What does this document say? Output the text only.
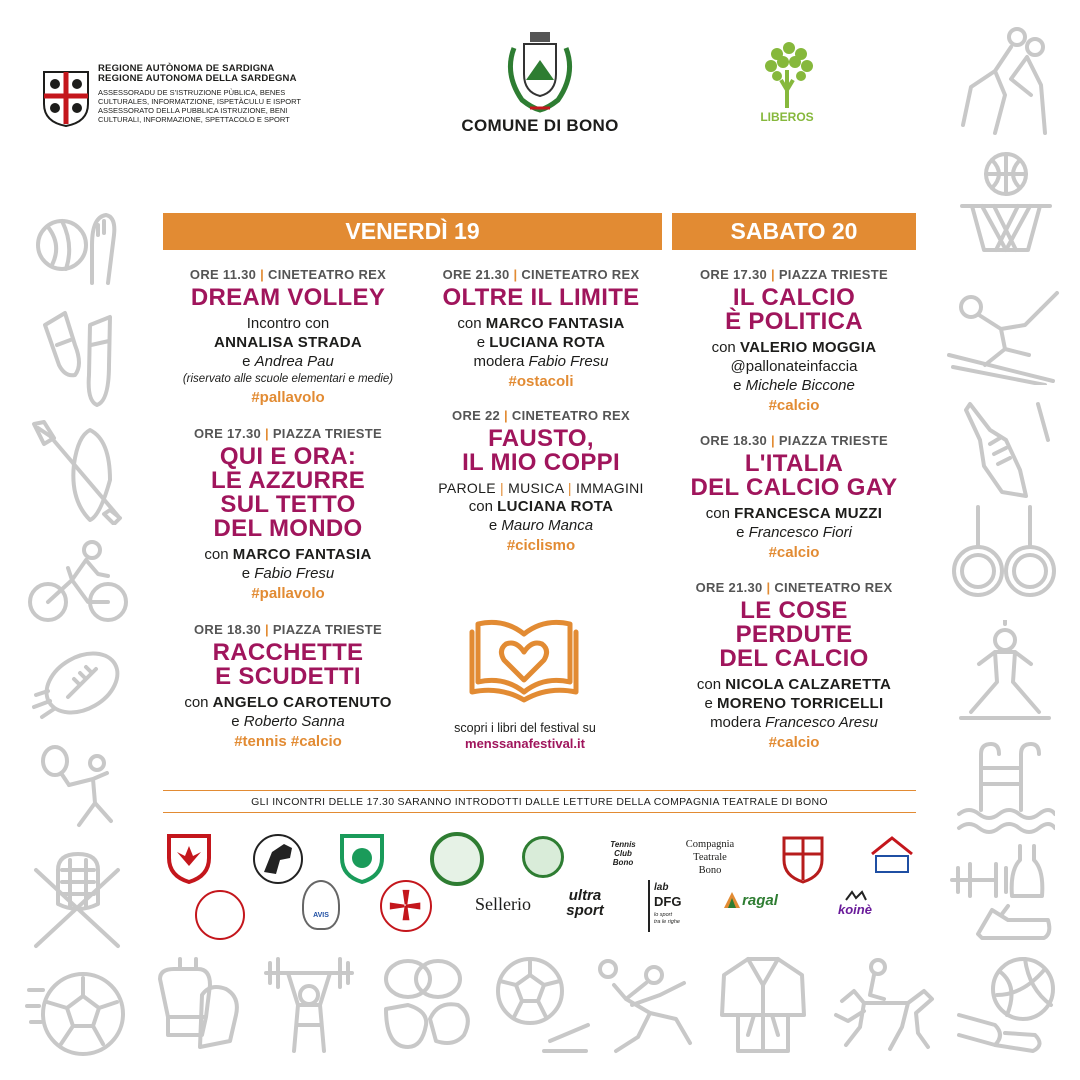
REGIONE AUTÒNOMA DE SARDIGNA
REGIONE AUTONOMA DELLA SARDEGNA
ASSESSORADU DE S'ISTRUZIONE PÙBLICA, BENES CULTURALES, INFORMATZIONE, ISPETÀCULU E ISPORT
ASSESSORATO DELLA PUBBLICA ISTRUZIONE, BENI CULTURALI, INFORMAZIONE, SPETTACOLO E SPORT	COMUNE DI BONO	LIBEROS
VENERDÌ 19	SABATO 20
ORE 11.30 | CINETEATRO REX
DREAM VOLLEY
Incontro con
ANNALISA STRADA
e Andrea Pau
(riservato alle scuole elementari e medie)
#pallavolo
ORE 17.30 | PIAZZA TRIESTE
QUI E ORA:
LE AZZURRE
SUL TETTO
DEL MONDO
con MARCO FANTASIA
e Fabio Fresu
#pallavolo
ORE 18.30 | PIAZZA TRIESTE
RACCHETTE
E SCUDETTI
con ANGELO CAROTENUTO
e Roberto Sanna
#tennis #calcio
ORE 21.30 | CINETEATRO REX
OLTRE IL LIMITE
con MARCO FANTASIA
e LUCIANA ROTA
modera Fabio Fresu
#ostacoli
ORE 22 | CINETEATRO REX
FAUSTO,
IL MIO COPPI
PAROLE | MUSICA | IMMAGINI
con LUCIANA ROTA
e Mauro Manca
#ciclismo
scopri i libri del festival su
menssanafestival.it
ORE 17.30 | PIAZZA TRIESTE
IL CALCIO
È POLITICA
con VALERIO MOGGIA
@pallonateinfaccia
e Michele Biccone
#calcio
ORE 18.30 | PIAZZA TRIESTE
L'ITALIA
DEL CALCIO GAY
con FRANCESCA MUZZI
e Francesco Fiori
#calcio
ORE 21.30 | CINETEATRO REX
LE COSE
PERDUTE
DEL CALCIO
con NICOLA CALZARETTA
e MORENO TORRICELLI
modera Francesco Aresu
#calcio
GLI INCONTRI DELLE 17.30 SARANNO INTRODOTTI DALLE LETTURE DELLA COMPAGNIA TEATRALE DI BONO
Tennis
Club
Bono
Compagnia
Teatrale
Bono
AVIS
Sellerio	ultra
sport
lab
DFG
lo sport
tra le righe
ragal
koinè
